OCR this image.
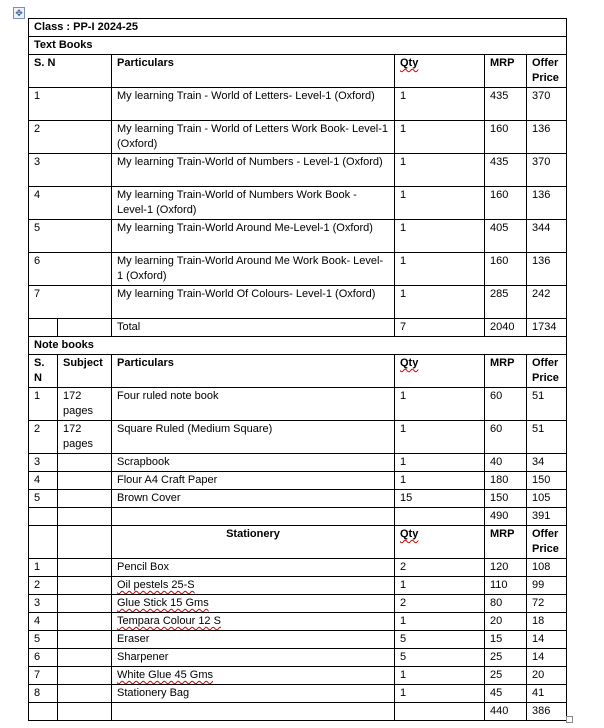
✥
Class : PP-I 2024-25					
Text Books					
S. N		Particulars	Qty	MRP	Offer Price
1		My learning Train - World of Letters- Level-1 (Oxford)	1	435	370
2		My learning Train - World of Letters Work Book- Level-1 (Oxford)	1	160	136
3		My learning Train-World of Numbers - Level-1 (Oxford)	1	435	370
4		My learning Train-World of Numbers Work Book - Level-1 (Oxford)	1	160	136
5		My learning Train-World Around Me-Level-1 (Oxford)	1	405	344
6		My learning Train-World Around Me Work Book- Level-1 (Oxford)	1	160	136
7		My learning Train-World Of Colours- Level-1 (Oxford)	1	285	242
		Total	7	2040	1734
Note books					
S. N	Subject	Particulars	Qty	MRP	Offer Price
1	172 pages	Four ruled note book	1	60	51
2	172 pages	Square Ruled (Medium Square)	1	60	51
3		Scrapbook	1	40	34
4		Flour A4 Craft Paper	1	180	150
5		Brown Cover	15	150	105
				490	391
		Stationery	Qty	MRP	Offer Price
1		Pencil Box	2	120	108
2		Oil pestels 25-S	1	110	99
3		Glue Stick 15 Gms	2	80	72
4		Tempara Colour 12 S	1	20	18
5		Eraser	5	15	14
6		Sharpener	5	25	14
7		White Glue 45 Gms	1	25	20
8		Stationery Bag	1	45	41
				440	386
